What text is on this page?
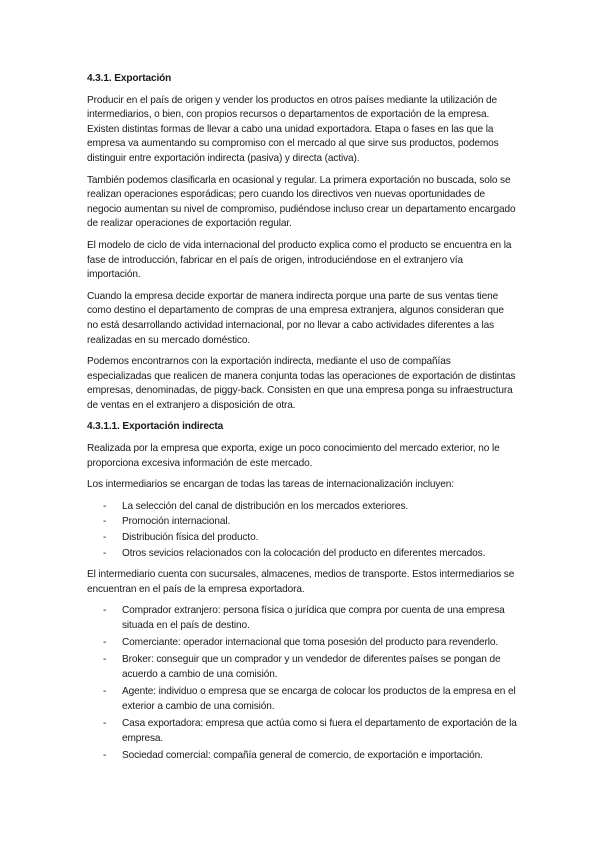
4.3.1. Exportación

Producir en el país de origen y vender los productos en otros países mediante la utilización de intermediarios, o bien, con propios recursos o departamentos de exportación de la empresa. Existen distintas formas de llevar a cabo una unidad exportadora. Etapa o fases en las que la empresa va aumentando su compromiso con el mercado al que sirve sus productos, podemos distinguir entre exportación indirecta (pasiva) y directa (activa).

También podemos clasificarla en ocasional y regular. La primera exportación no buscada, solo se realizan operaciones esporádicas; pero cuando los directivos ven nuevas oportunidades de negocio aumentan su nivel de compromiso, pudiéndose incluso crear un departamento encargado de realizar operaciones de exportación regular.

El modelo de ciclo de vida internacional del producto explica como el producto se encuentra en la fase de introducción, fabricar en el país de origen, introduciéndose en el extranjero vía importación.

Cuando la empresa decide exportar de manera indirecta porque una parte de sus ventas tiene como destino el departamento de compras de una empresa extranjera, algunos consideran que no está desarrollando actividad internacional, por no llevar a cabo actividades diferentes a las realizadas en su mercado doméstico.

Podemos encontrarnos con la exportación indirecta, mediante el uso de compañías especializadas que realicen de manera conjunta todas las operaciones de exportación de distintas empresas, denominadas, de piggy-back. Consisten en que una empresa ponga su infraestructura de ventas en el extranjero a disposición de otra.

4.3.1.1. Exportación indirecta

Realizada por la empresa que exporta, exige un poco conocimiento del mercado exterior, no le proporciona excesiva información de este mercado.

Los intermediarios se encargan de todas las tareas de internacionalización incluyen:

- La selección del canal de distribución en los mercados exteriores.
- Promoción internacional.
- Distribución física del producto.
- Otros sevicios relacionados con la colocación del producto en diferentes mercados.

El intermediario cuenta con sucursales, almacenes, medios de transporte. Estos intermediarios se encuentran en el país de la empresa exportadora.

- Comprador extranjero: persona física o jurídica que compra por cuenta de una empresa situada en el país de destino.
- Comerciante: operador internacional que toma posesión del producto para revenderlo.
- Broker: conseguir que un comprador y un vendedor de diferentes países se pongan de acuerdo a cambio de una comisión.
- Agente: individuo o empresa que se encarga de colocar los productos de la empresa en el exterior a cambio de una comisión.
- Casa exportadora: empresa que actúa como si fuera el departamento de exportación de la empresa.
- Sociedad comercial: compañía general de comercio, de exportación e importación.
